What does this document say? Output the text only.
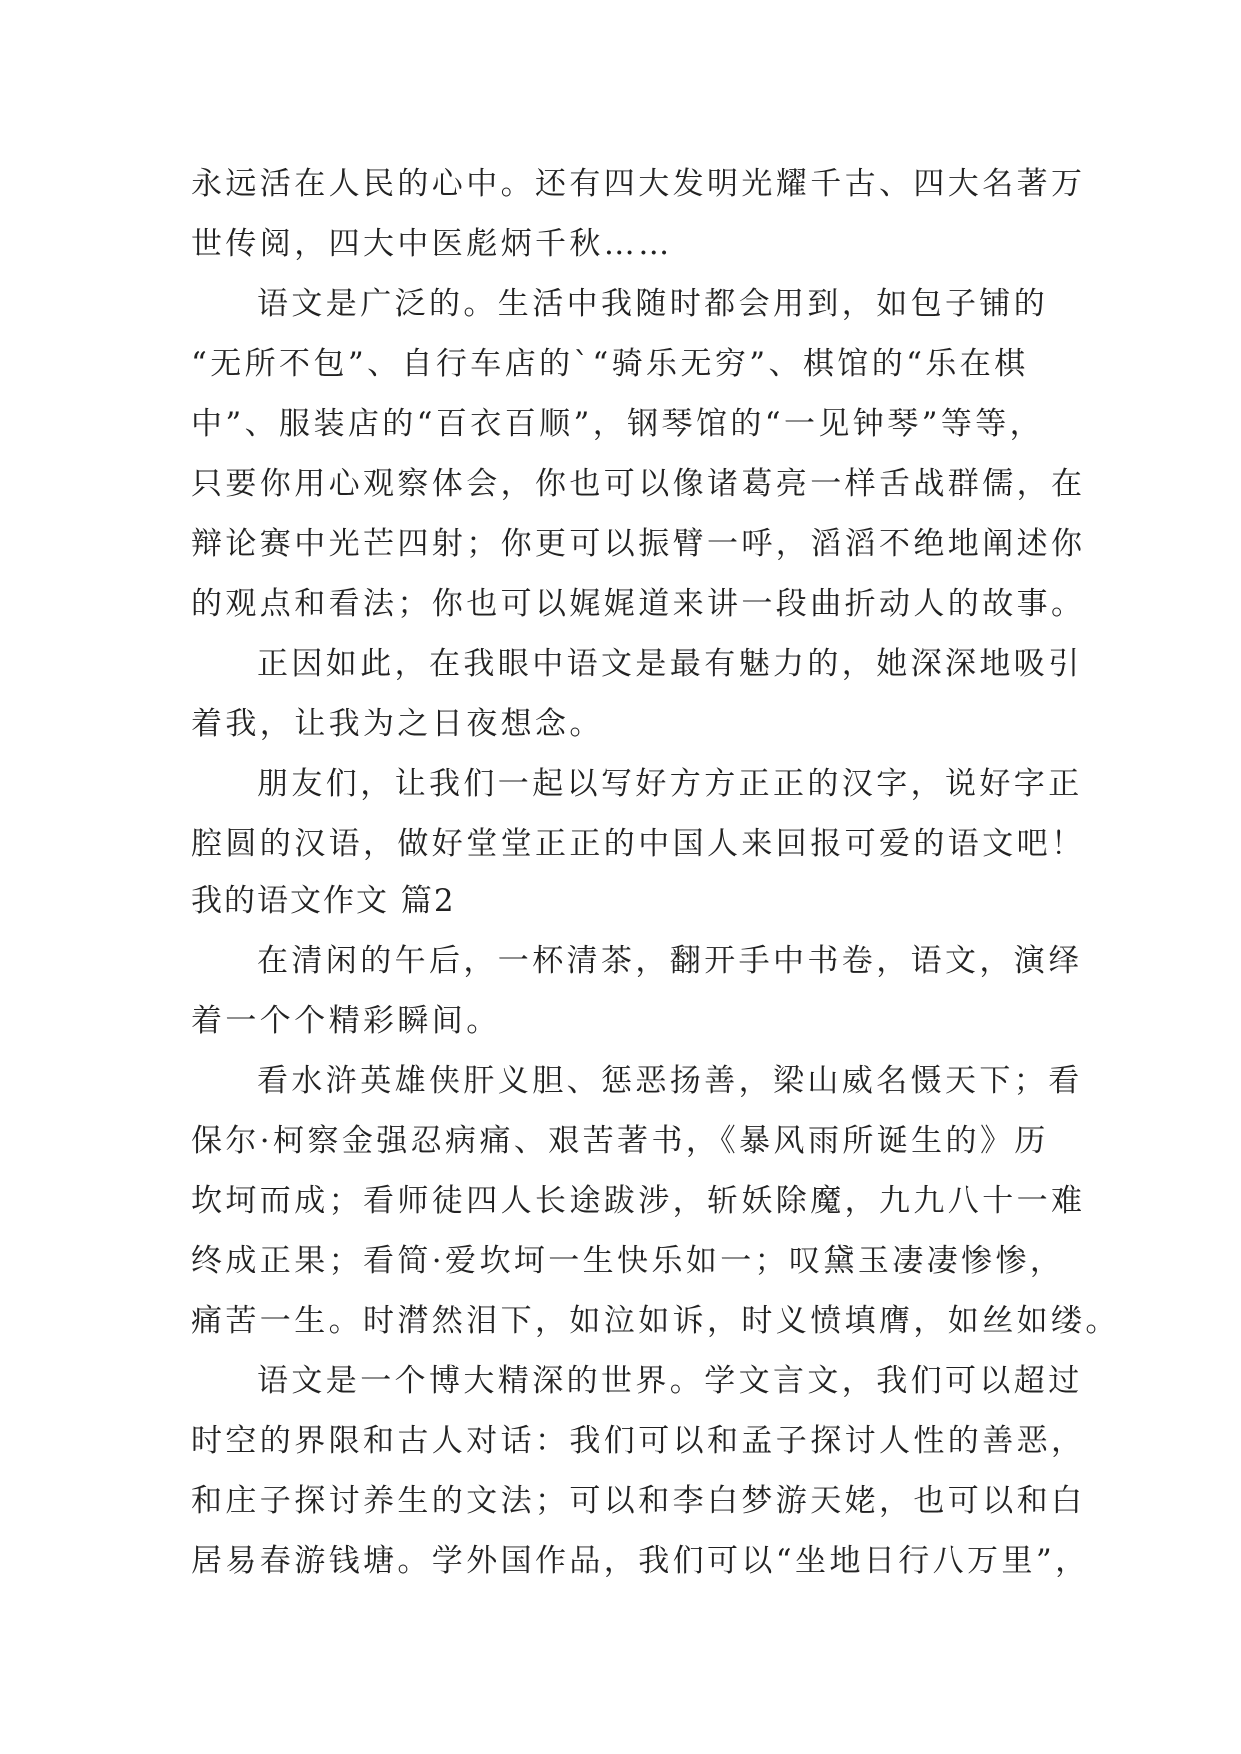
永远活在人民的心中。还有四大发明光耀千古、四大名著万
世传阅，四大中医彪炳千秋……
语文是广泛的。生活中我随时都会用到，如包子铺的
“无所不包”、自行车店的`“骑乐无穷”、棋馆的“乐在棋
中”、服装店的“百衣百顺”，钢琴馆的“一见钟琴”等等，
只要你用心观察体会，你也可以像诸葛亮一样舌战群儒，在
辩论赛中光芒四射；你更可以振臂一呼，滔滔不绝地阐述你
的观点和看法；你也可以娓娓道来讲一段曲折动人的故事。
正因如此，在我眼中语文是最有魅力的，她深深地吸引
着我，让我为之日夜想念。
朋友们，让我们一起以写好方方正正的汉字，说好字正
腔圆的汉语，做好堂堂正正的中国人来回报可爱的语文吧！
我的语文作文 篇2
在清闲的午后，一杯清茶，翻开手中书卷，语文，演绎
着一个个精彩瞬间。
看水浒英雄侠肝义胆、惩恶扬善，梁山威名慑天下；看
保尔·柯察金强忍病痛、艰苦著书，《暴风雨所诞生的》历
坎坷而成；看师徒四人长途跋涉，斩妖除魔，九九八十一难
终成正果；看简·爱坎坷一生快乐如一；叹黛玉凄凄惨惨，
痛苦一生。时潸然泪下，如泣如诉，时义愤填膺，如丝如缕。
语文是一个博大精深的世界。学文言文，我们可以超过
时空的界限和古人对话：我们可以和孟子探讨人性的善恶，
和庄子探讨养生的文法；可以和李白梦游天姥，也可以和白
居易春游钱塘。学外国作品，我们可以“坐地日行八万里”，
